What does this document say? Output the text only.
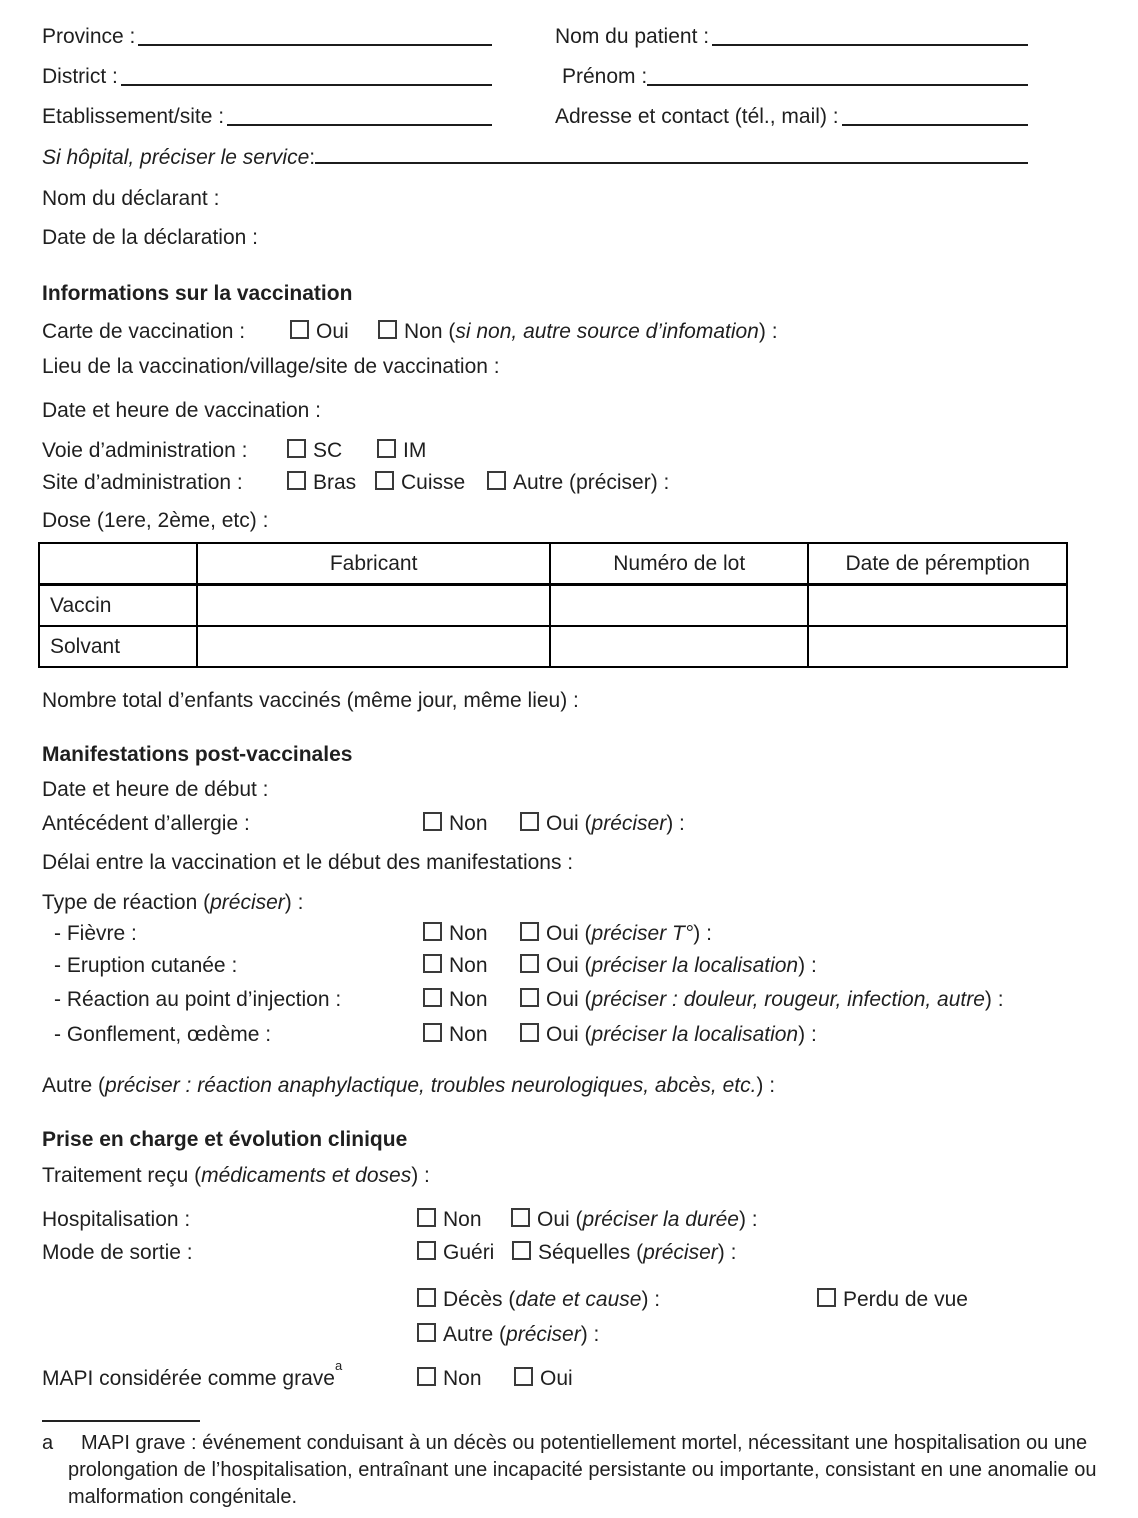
Province :	Nom du patient :
District :	Prénom :
Etablissement/site :	Adresse et contact (tél., mail) :
Si hôpital, préciser le service :
Nom du déclarant :
Date de la déclaration :
Informations sur la vaccination
Carte de vaccination :	Oui	Non (si non, autre source d’infomation) :
Lieu de la vaccination/village/site de vaccination :
Date et heure de vaccination :
Voie d’administration :	SC	IM
Site d’administration :	Bras Cuisse Autre (préciser) :
Dose (1ere, 2ème, etc) :
	Fabricant	Numéro de lot	Date de péremption
Vaccin			
Solvant			
Nombre total d’enfants vaccinés (même jour, même lieu) :
Manifestations post-vaccinales
Date et heure de début :
Antécédent d’allergie :	Non	Oui (préciser) :
Délai entre la vaccination et le début des manifestations :
Type de réaction (préciser) :
- Fièvre :	Non	Oui (préciser T°) :
- Eruption cutanée :	Non	Oui (préciser la localisation) :
- Réaction au point d’injection :	Non	Oui (préciser : douleur, rougeur, infection, autre) :
- Gonflement, œdème :	Non	Oui (préciser la localisation) :
Autre (préciser : réaction anaphylactique, troubles neurologiques, abcès, etc.) :
Prise en charge et évolution clinique
Traitement reçu (médicaments et doses) :
Hospitalisation :	Non	Oui (préciser la durée) :
Mode de sortie :	Guéri Séquelles (préciser) :
Décès (date et cause) :	Perdu de vue
Autre (préciser) :
MAPI considérée comme grave$^a$Non	Oui
a MAPI grave : événement conduisant à un décès ou potentiellement mortel, nécessitant une hospitalisation ou une prolongation de l’hospitalisation, entraînant une incapacité persistante ou importante, consistant en une anomalie ou malformation congénitale.
